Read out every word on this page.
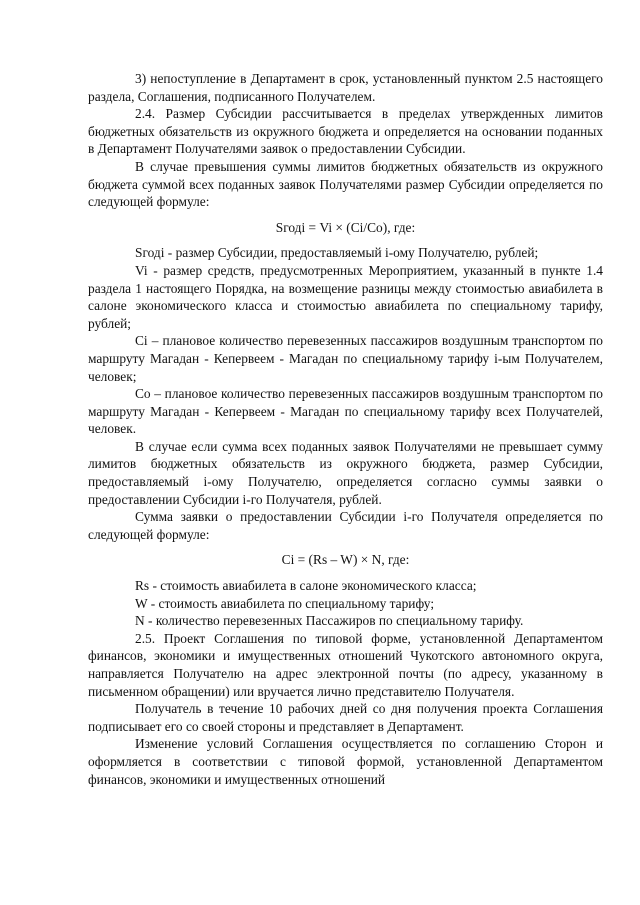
3) непоступление в Департамент в срок, установленный пунктом 2.5 настоящего раздела, Соглашения, подписанного Получателем.

2.4. Размер Субсидии рассчитывается в пределах утвержденных лимитов бюджетных обязательств из окружного бюджета и определяется на основании поданных в Департамент Получателями заявок о предоставлении Субсидии.

В случае превышения суммы лимитов бюджетных обязательств из окружного бюджета суммой всех поданных заявок Получателями размер Субсидии определяется по следующей формуле:

Sгоді = Vi × (Ci/Co), где:

Sгоді - размер Субсидии, предоставляемый i-ому Получателю, рублей;

Vi - размер средств, предусмотренных Мероприятием, указанный в пункте 1.4 раздела 1 настоящего Порядка, на возмещение разницы между стоимостью авиабилета в салоне экономического класса и стоимостью авиабилета по специальному тарифу, рублей;

Ci – плановое количество перевезенных пассажиров воздушным транспортом по маршруту Магадан - Кепервеем - Магадан по специальному тарифу i-ым Получателем, человек;

Co – плановое количество перевезенных пассажиров воздушным транспортом по маршруту Магадан - Кепервеем - Магадан по специальному тарифу всех Получателей, человек.

В случае если сумма всех поданных заявок Получателями не превышает сумму лимитов бюджетных обязательств из окружного бюджета, размер Субсидии, предоставляемый i-ому Получателю, определяется согласно суммы заявки о предоставлении Субсидии i-го Получателя, рублей.

Сумма заявки о предоставлении Субсидии i-го Получателя определяется по следующей формуле:

Ci = (Rs – W) × N, где:

Rs - стоимость авиабилета в салоне экономического класса;

W - стоимость авиабилета по специальному тарифу;

N - количество перевезенных Пассажиров по специальному тарифу.

2.5. Проект Соглашения по типовой форме, установленной Департаментом финансов, экономики и имущественных отношений Чукотского автономного округа, направляется Получателю на адрес электронной почты (по адресу, указанному в письменном обращении) или вручается лично представителю Получателя.

Получатель в течение 10 рабочих дней со дня получения проекта Соглашения подписывает его со своей стороны и представляет в Департамент.

Изменение условий Соглашения осуществляется по соглашению Сторон и оформляется в соответствии с типовой формой, установленной Департаментом финансов, экономики и имущественных отношений
